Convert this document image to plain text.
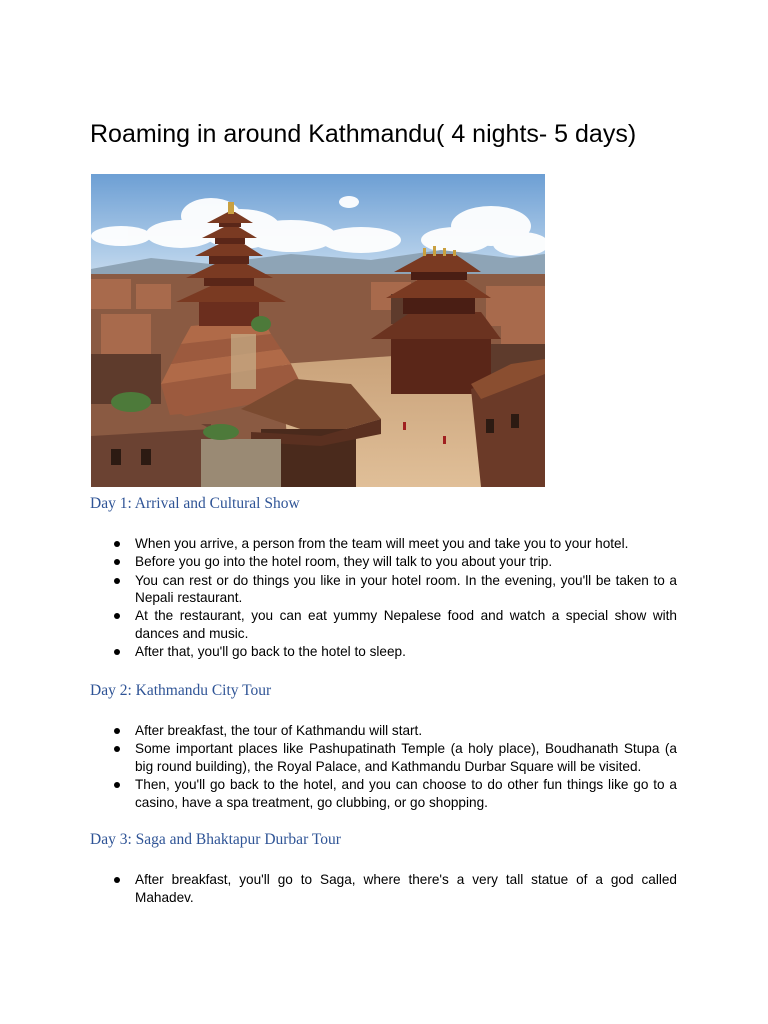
Roaming in around Kathmandu( 4 nights- 5 days)
Day 1: Arrival and Cultural Show
When you arrive, a person from the team will meet you and take you to your hotel.
Before you go into the hotel room, they will talk to you about your trip.
You can rest or do things you like in your hotel room. In the evening, you'll be taken to a Nepali restaurant.
At the restaurant, you can eat yummy Nepalese food and watch a special show with dances and music.
After that, you'll go back to the hotel to sleep.
Day 2: Kathmandu City Tour
After breakfast, the tour of Kathmandu will start.
Some important places like Pashupatinath Temple (a holy place), Boudhanath Stupa (a big round building), the Royal Palace, and Kathmandu Durbar Square will be visited.
Then, you'll go back to the hotel, and you can choose to do other fun things like go to a casino, have a spa treatment, go clubbing, or go shopping.
Day 3: Saga and Bhaktapur Durbar Tour
After breakfast, you'll go to Saga, where there's a very tall statue of a god called Mahadev.
